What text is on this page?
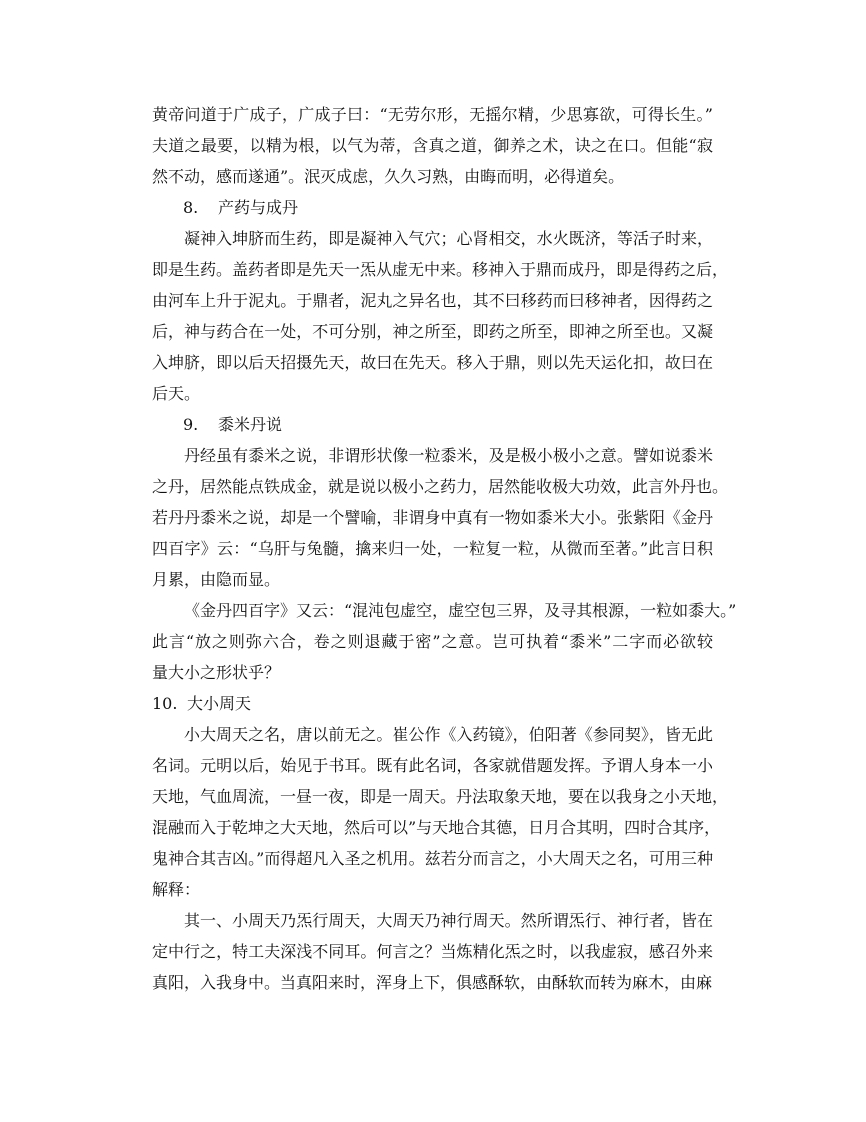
黄帝问道于广成子，广成子曰：“无劳尔形，无摇尔精，少思寡欲，可得长生。”
夫道之最要，以精为根，以气为蒂，含真之道，御养之术，诀之在口。但能“寂
然不动，感而遂通”。泯灭成虑，久久习熟，由晦而明，必得道矣。
8.	产药与成丹
凝神入坤脐而生药，即是凝神入气穴；心肾相交，水火既济，等活子时来，
即是生药。盖药者即是先天一炁从虚无中来。移神入于鼎而成丹，即是得药之后，
由河车上升于泥丸。于鼎者，泥丸之异名也，其不曰移药而曰移神者，因得药之
后，神与药合在一处，不可分别，神之所至，即药之所至，即神之所至也。又凝
入坤脐，即以后天招摄先天，故曰在先天。移入于鼎，则以先天运化扣，故曰在
后天。
9.	黍米丹说
丹经虽有黍米之说，非谓形状像一粒黍米，及是极小极小之意。譬如说黍米
之丹，居然能点铁成金，就是说以极小之药力，居然能收极大功效，此言外丹也。
若丹丹黍米之说，却是一个譬喻，非谓身中真有一物如黍米大小。张紫阳《金丹
四百字》云：“乌肝与兔髓，擒来归一处，一粒复一粒，从微而至著。”此言日积
月累，由隐而显。
《金丹四百字》又云：“混沌包虚空，虚空包三界，及寻其根源，一粒如黍大。”
此言“放之则弥六合，卷之则退藏于密”之意。岂可执着“黍米”二字而必欲较
量大小之形状乎？
10. 大小周天
小大周天之名，唐以前无之。崔公作《入药镜》，伯阳著《参同契》，皆无此
名词。元明以后，始见于书耳。既有此名词，各家就借题发挥。予谓人身本一小
天地，气血周流，一昼一夜，即是一周天。丹法取象天地，要在以我身之小天地，
混融而入于乾坤之大天地，然后可以”与天地合其德，日月合其明，四时合其序，
鬼神合其吉凶。”而得超凡入圣之机用。兹若分而言之，小大周天之名，可用三种
解释：
其一、小周天乃炁行周天，大周天乃神行周天。然所谓炁行、神行者，皆在
定中行之，特工夫深浅不同耳。何言之？当炼精化炁之时，以我虚寂，感召外来
真阳，入我身中。当真阳来时，浑身上下，俱感酥软，由酥软而转为麻木，由麻
